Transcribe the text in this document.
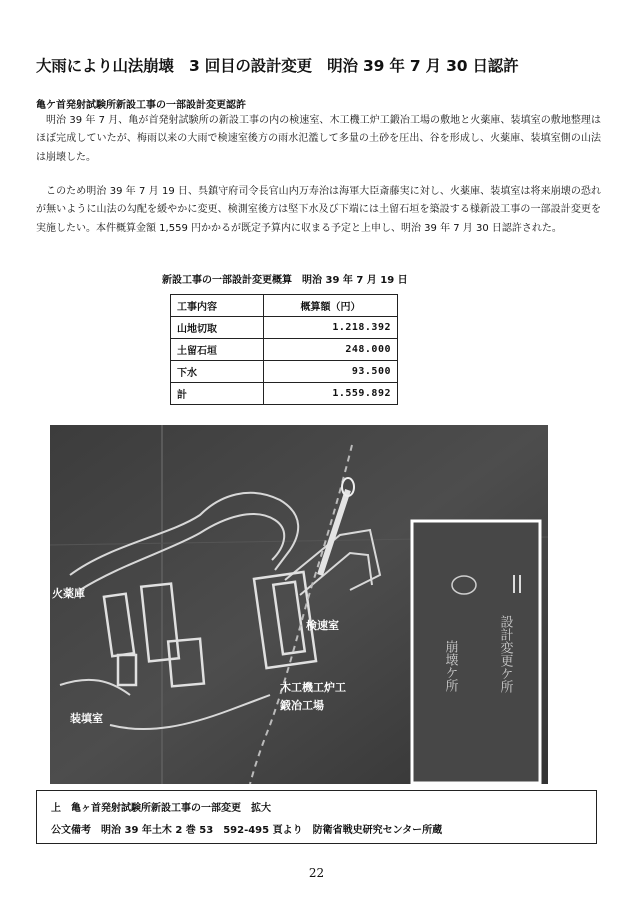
大雨により山法崩壊　3 回目の設計変更　明治 39 年 7 月 30 日認許
亀ケ首発射試験所新設工事の一部設計変更認許

明治 39 年 7 月、亀が首発射試験所の新設工事の内の検速室、木工機工炉工鍛冶工場の敷地と火薬庫、装填室の敷地整理はほぼ完成していたが、梅雨以来の大雨で検速室後方の雨水氾濫して多量の土砂を圧出、谷を形成し、火薬庫、装填室側の山法は崩壊した。

このため明治 39 年 7 月 19 日、呉鎮守府司令長官山内万寿治は海軍大臣斎藤実に対し、火薬庫、装填室は将来崩壊の恐れが無いように山法の勾配を緩やかに変更、検測室後方は堅下水及び下端には土留石垣を築設する様新設工事の一部設計変更を実施したい。本件概算金額 1,559 円かかるが既定予算内に収まる予定と上申し、明治 39 年 7 月 30 日認許された。

新設工事の一部設計変更概算　明治 39 年 7 月 19 日
工事内容	概算額（円）
山地切取	1.218.392
土留石垣	248.000
下水	93.500
計	1.559.892
火薬庫
検速室
木工機工炉工
鍛冶工場
装填室
崩壊ケ所	設計変更ケ所
上　亀ヶ首発射試験所新設工事の一部変更　拡大
公文備考　明治 39 年土木 2 巻 53　592-495 頁より　防衛省戦史研究センター所蔵
22
